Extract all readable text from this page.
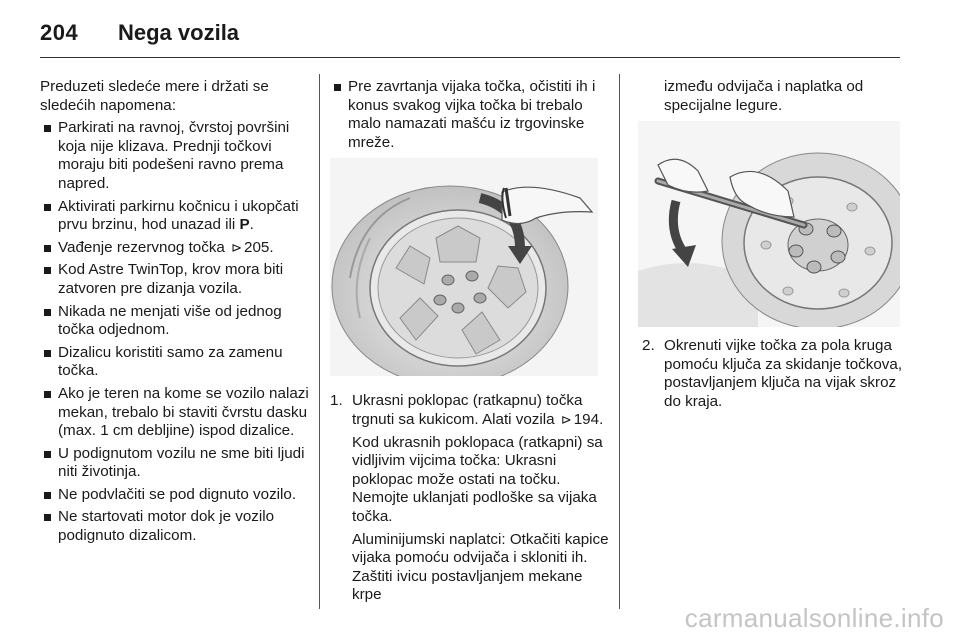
204 Nega vozila

Preduzeti sledeće mere i držati se sledećih napomena:

Parkirati na ravnoj, čvrstoj površini koja nije klizava. Prednji točkovi moraju biti podešeni ravno prema napred.
Aktivirati parkirnu kočnicu i ukopčati prvu brzinu, hod unazad ili P.
Vađenje rezervnog točka ⊳ 205.
Kod Astre TwinTop, krov mora biti zatvoren pre dizanja vozila.
Nikada ne menjati više od jednog točka odjednom.
Dizalicu koristiti samo za zamenu točka.
Ako je teren na kome se vozilo nalazi mekan, trebalo bi staviti čvrstu dasku (max. 1 cm debljine) ispod dizalice.
U podignutom vozilu ne sme biti ljudi niti životinja.
Ne podvlačiti se pod dignuto vozilo.
Ne startovati motor dok je vozilo podignuto dizalicom.
Pre zavrtanja vijaka točka, očistiti ih i konus svakog vijka točka bi trebalo malo namazati mašću iz trgovinske mreže.
1. Ukrasni poklopac (ratkapnu) točka trgnuti sa kukicom. Alati vozila ⊳ 194.

Kod ukrasnih poklopaca (ratkapni) sa vidljivim vijcima točka: Ukrasni poklopac može ostati na točku. Nemojte uklanjati podloške sa vijaka točka.

Aluminijumski naplatci: Otkačiti kapice vijaka pomoću odvijača i skloniti ih. Zaštiti ivicu postavljanjem mekane krpe

između odvijača i naplatka od specijalne legure.

2. Okrenuti vijke točka za pola kruga pomoću ključa za skidanje točkova, postavljanjem ključa na vijak skroz do kraja.

carmanualsonline.info
